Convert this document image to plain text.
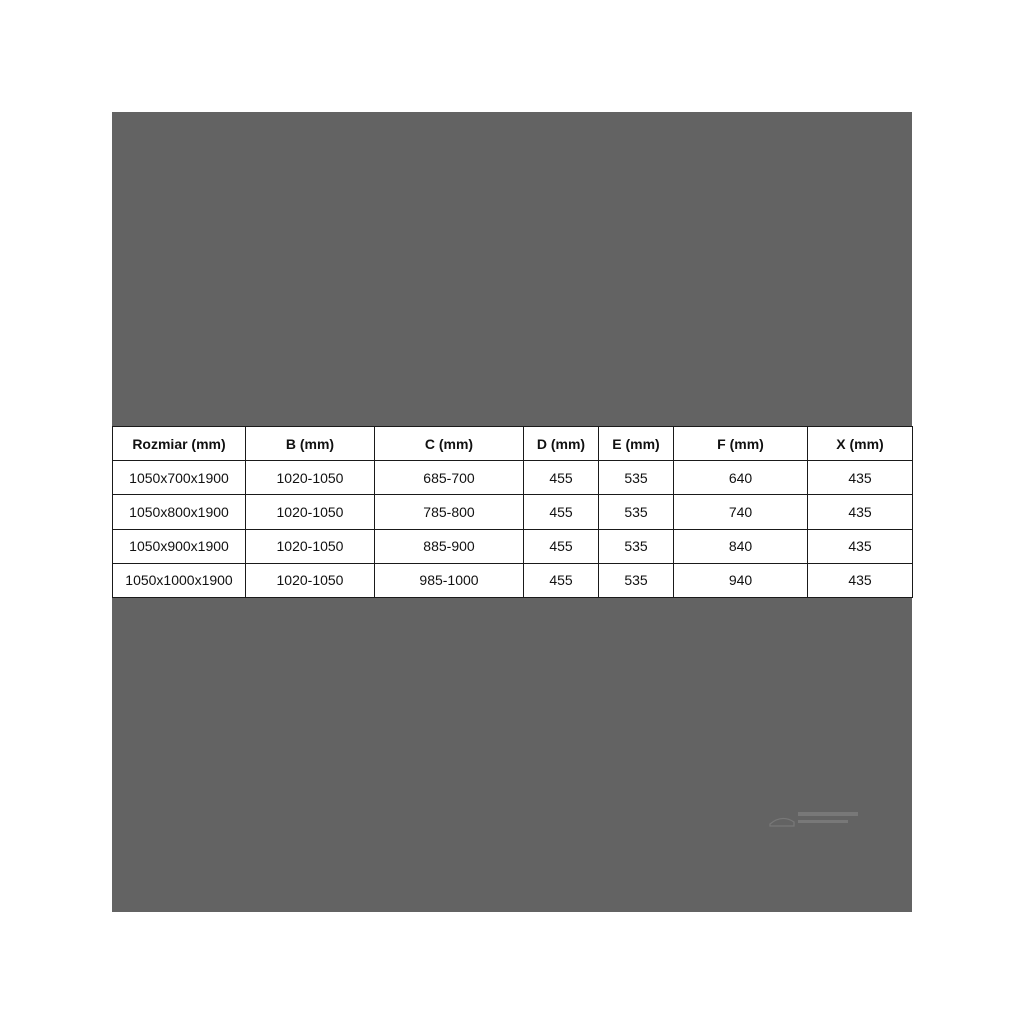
Rozmiar (mm)	B (mm)	C (mm)	D (mm)	E (mm)	F (mm)	X (mm)
1050x700x1900	1020-1050	685-700	455	535	640	435
1050x800x1900	1020-1050	785-800	455	535	740	435
1050x900x1900	1020-1050	885-900	455	535	840	435
1050x1000x1900	1020-1050	985-1000	455	535	940	435
